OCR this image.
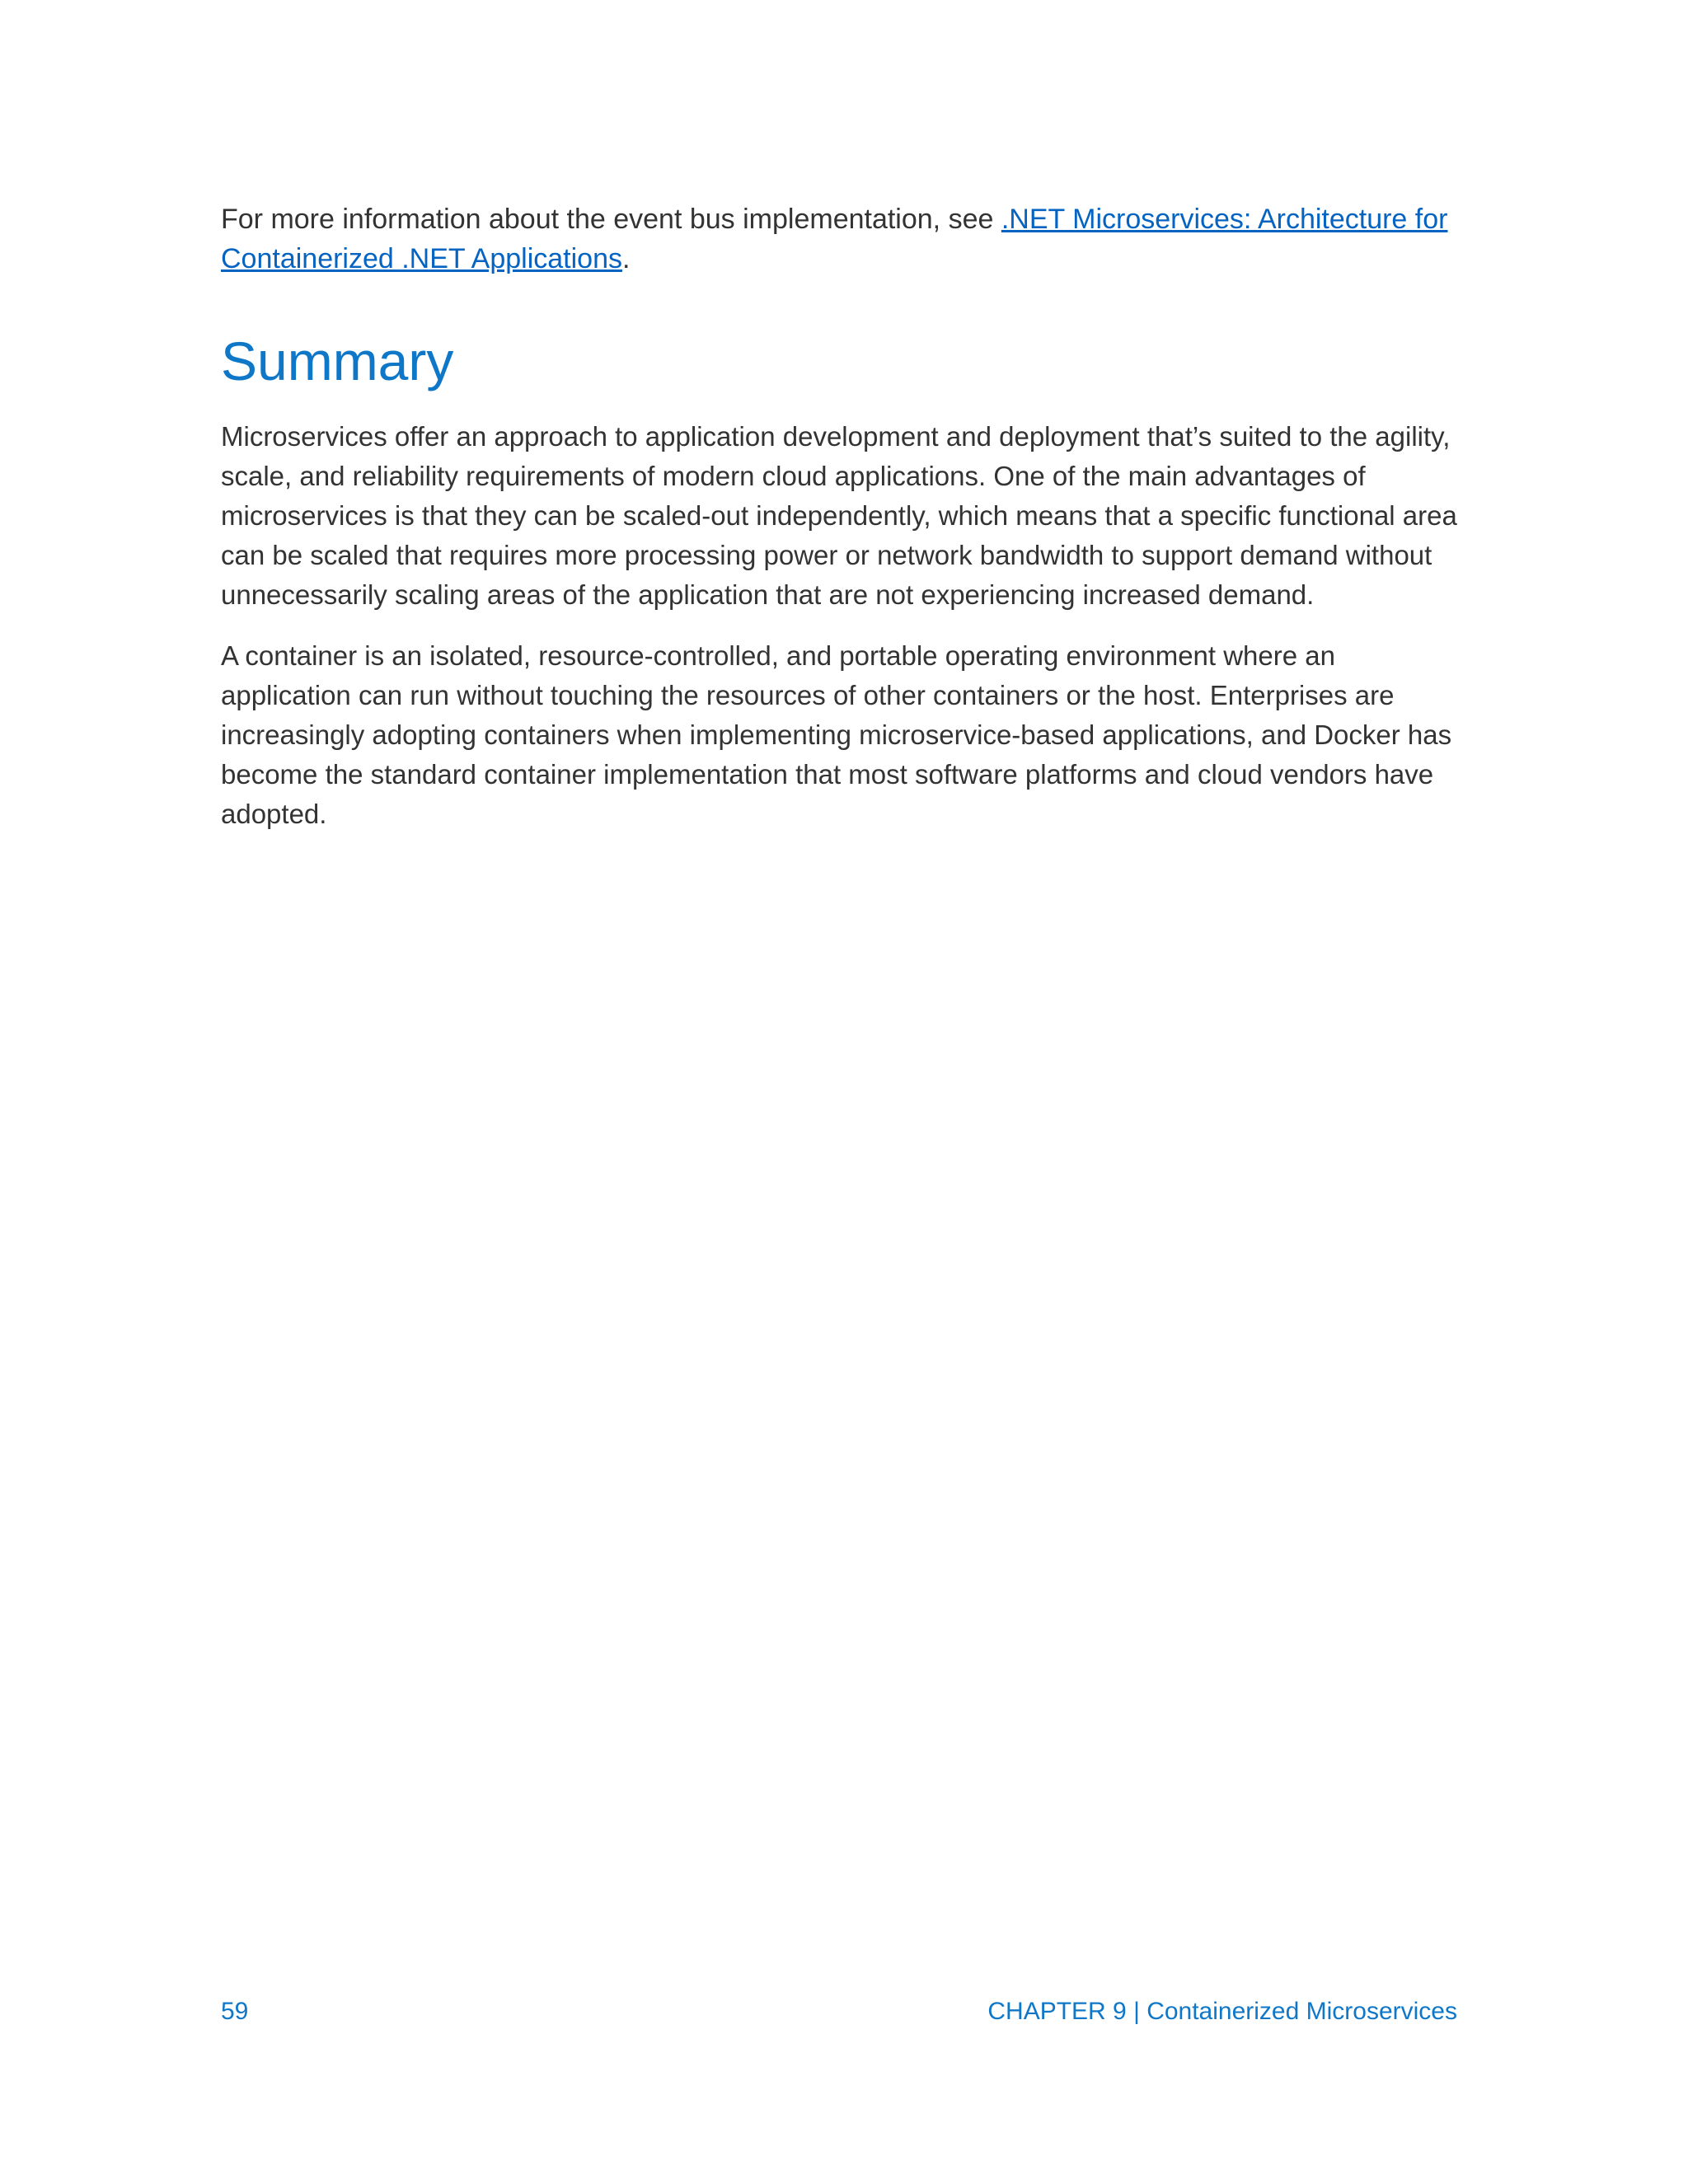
For more information about the event bus implementation, see .NET Microservices: Architecture for Containerized .NET Applications.

Summary

Microservices offer an approach to application development and deployment that’s suited to the agility, scale, and reliability requirements of modern cloud applications. One of the main advantages of microservices is that they can be scaled-out independently, which means that a specific functional area can be scaled that requires more processing power or network bandwidth to support demand without unnecessarily scaling areas of the application that are not experiencing increased demand.

A container is an isolated, resource-controlled, and portable operating environment where an application can run without touching the resources of other containers or the host. Enterprises are increasingly adopting containers when implementing microservice-based applications, and Docker has become the standard container implementation that most software platforms and cloud vendors have adopted.

59	CHAPTER 9 | Containerized Microservices
